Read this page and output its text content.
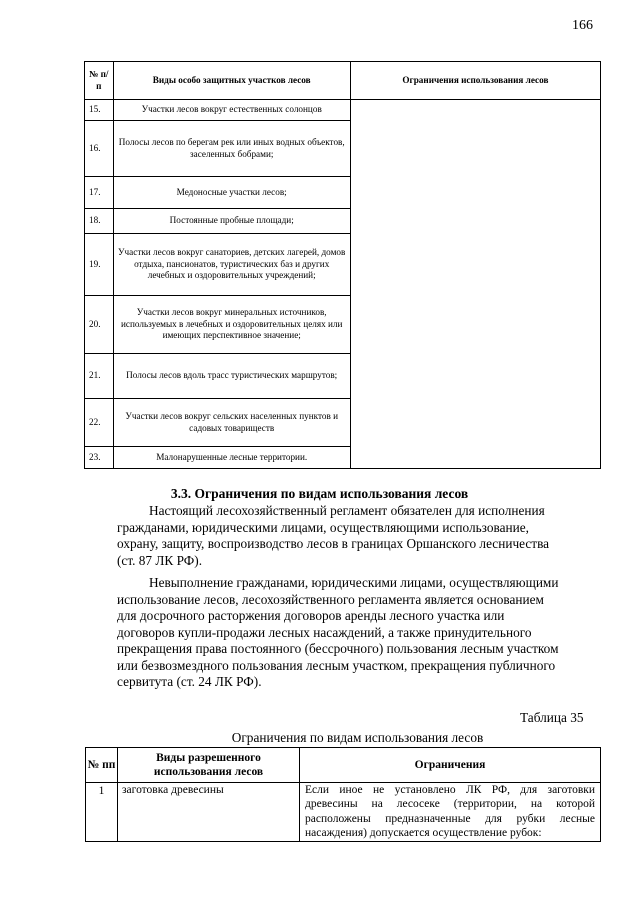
166
№ п/п	Виды особо защитных участков лесов	Ограничения использования лесов
15.	Участки лесов вокруг естественных солонцов	
16.	Полосы лесов по берегам рек или иных водных объектов, заселенных бобрами;	
17.	Медоносные участки лесов;	
18.	Постоянные пробные площади;	
19.	Участки лесов вокруг санаториев, детских лагерей, домов отдыха, пансионатов, туристических баз и других лечебных и оздоровительных учреждений;	
20.	Участки лесов вокруг минеральных источников, используемых в лечебных и оздоровительных целях или имеющих перспективное значение;	
21.	Полосы лесов вдоль трасс туристических маршрутов;	
22.	Участки лесов вокруг сельских населенных пунктов и садовых товариществ	
23.	Малонарушенные лесные территории.	
3.3. Ограничения по видам использования лесов
Настоящий лесохозяйственный регламент обязателен для исполнения
гражданами, юридическими лицами, осуществляющими использование,
охрану, защиту, воспроизводство лесов в границах Оршанского лесничества
(ст. 87 ЛК РФ).
Невыполнение гражданами, юридическими лицами, осуществляющими
использование лесов, лесохозяйственного регламента является основанием
для досрочного расторжения договоров аренды лесного участка или
договоров купли-продажи лесных насаждений, а также принудительного
прекращения права постоянного (бессрочного) пользования лесным участком
или безвозмездного пользования лесным участком, прекращения публичного
сервитута (ст. 24 ЛК РФ).
Таблица 35
Ограничения по видам использования лесов
№ пп	Виды разрешенного использования лесов	Ограничения
1	заготовка древесины	Если иное не установлено ЛК РФ, для заготовки древесины на лесосеке (территории, на которой расположены предназначенные для рубки лесные насаждения) допускается осуществление рубок:
